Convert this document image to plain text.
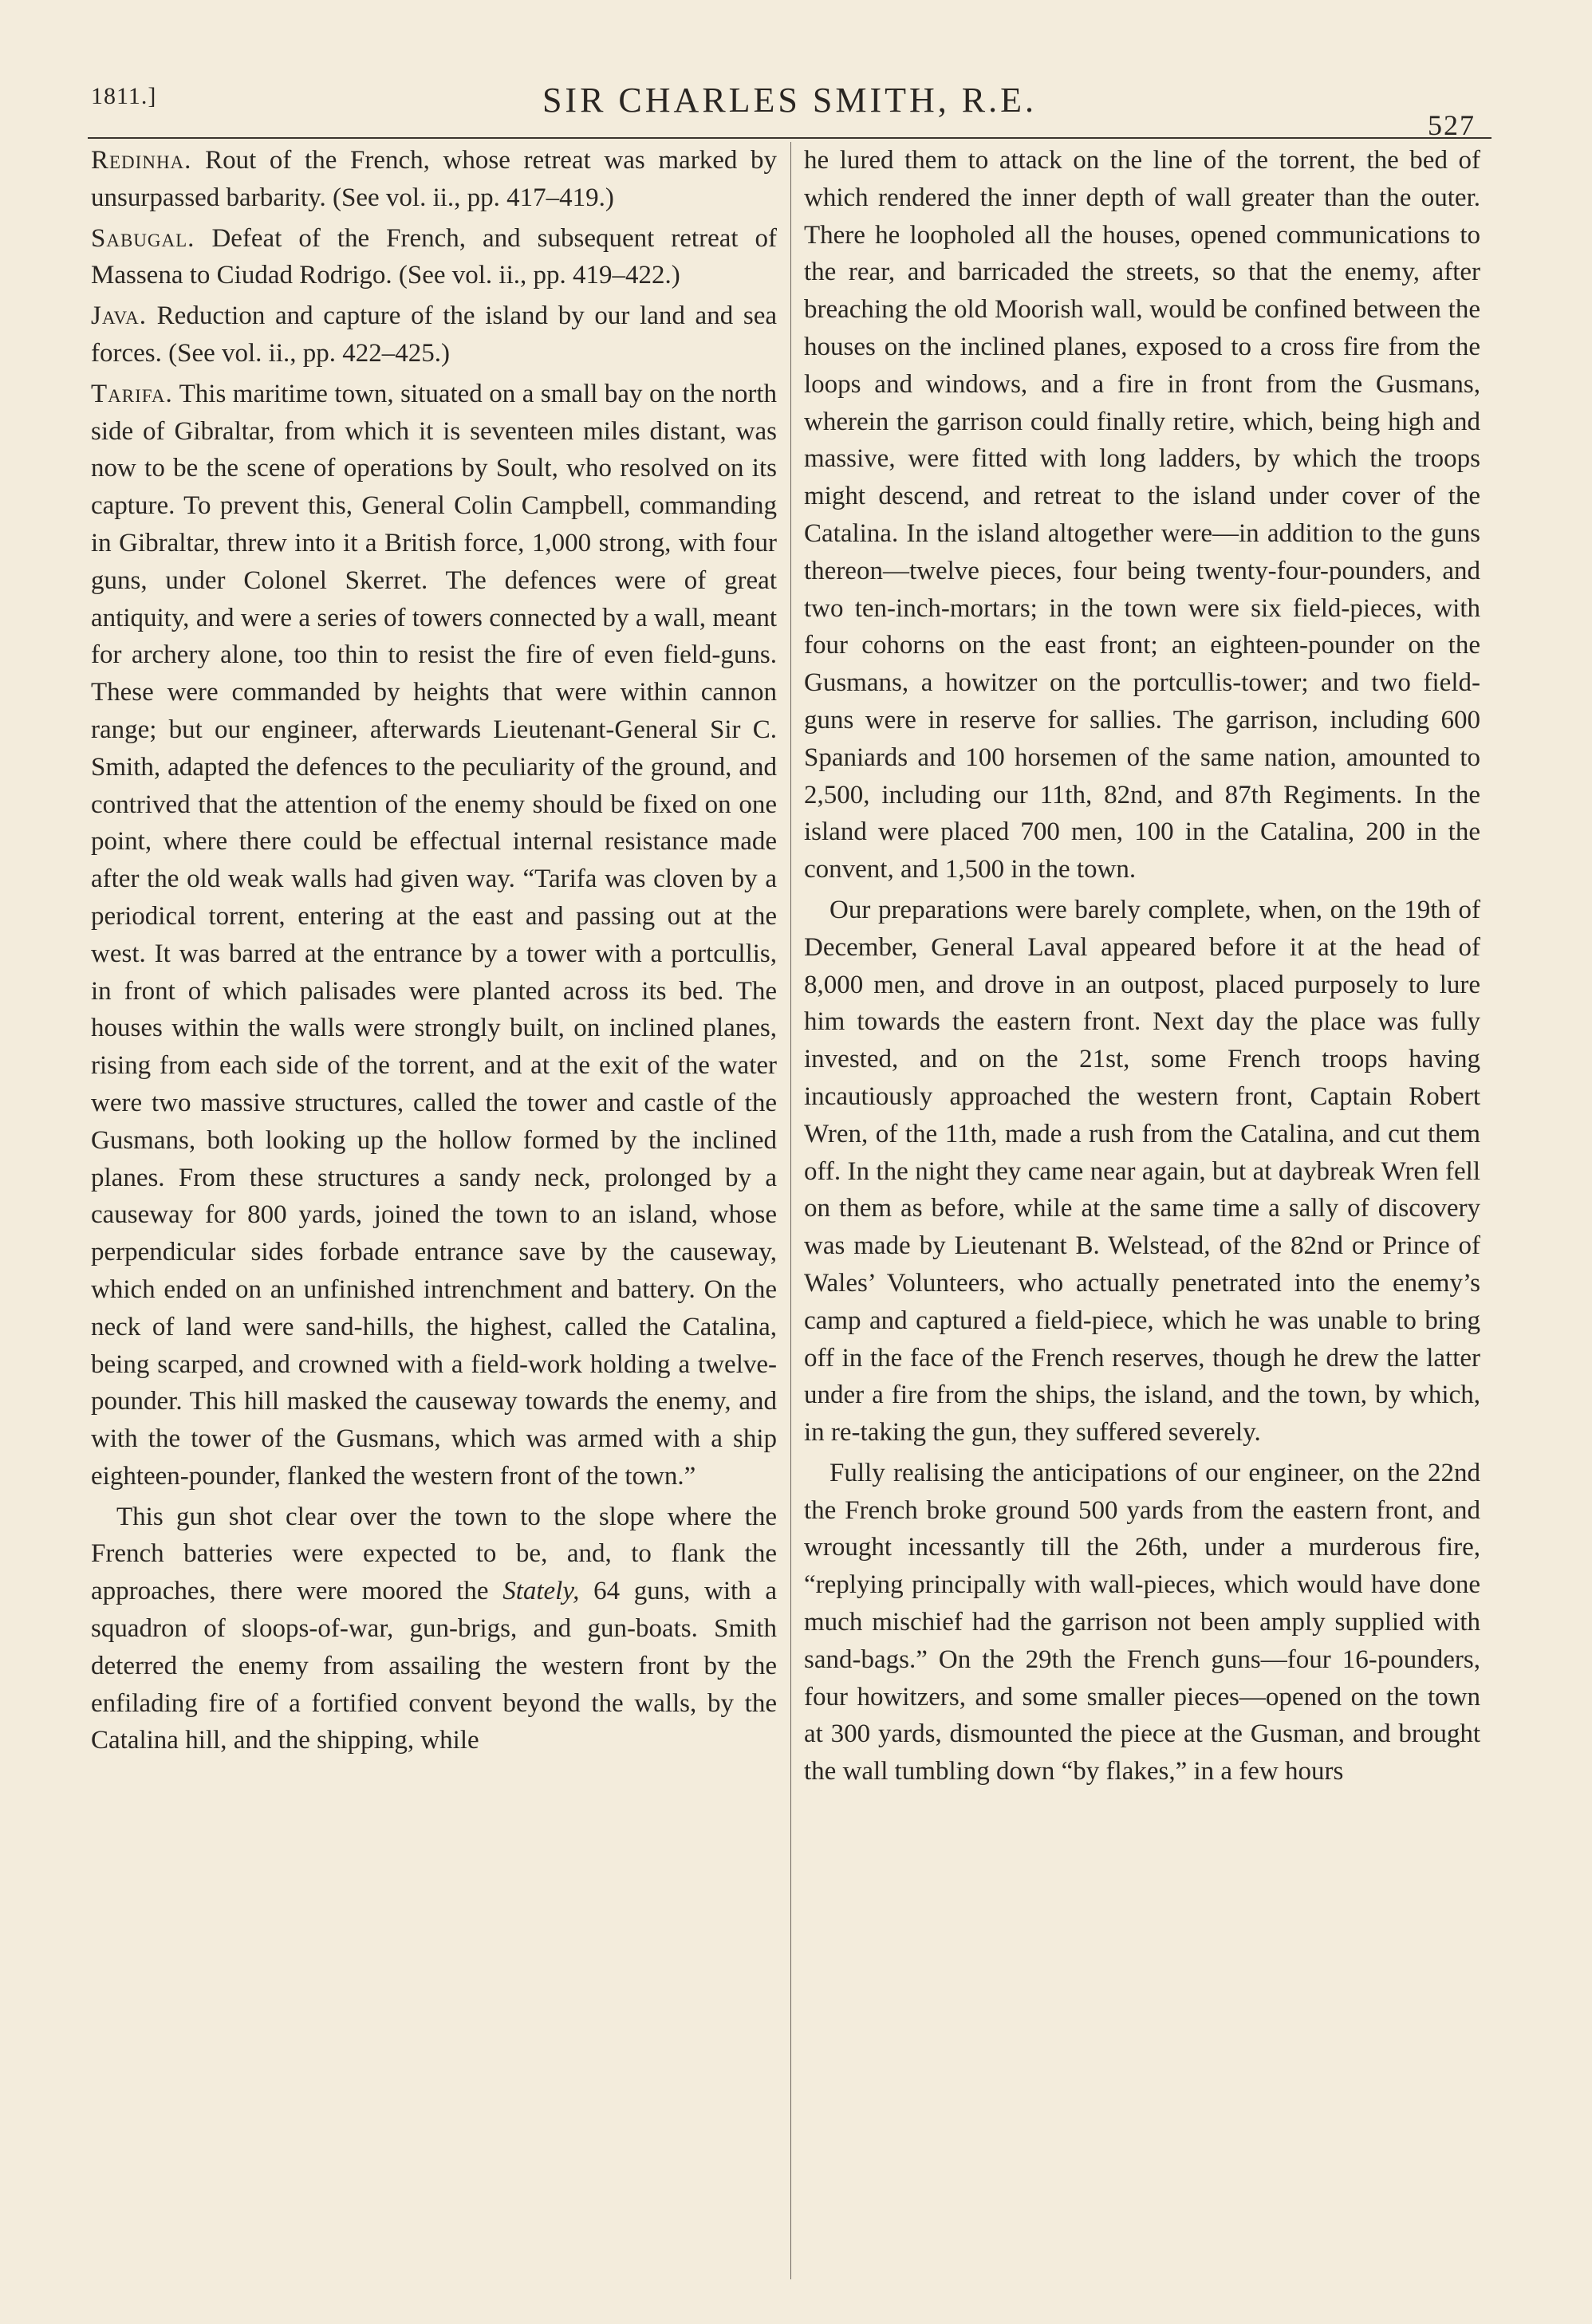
1811.]	SIR CHARLES SMITH, R.E.
527

Redinha. Rout of the French, whose retreat was marked by unsurpassed barbarity. (See vol. ii., pp. 417–419.)

Sabugal. Defeat of the French, and subsequent retreat of Massena to Ciudad Rodrigo. (See vol. ii., pp. 419–422.)

Java. Reduction and capture of the island by our land and sea forces. (See vol. ii., pp. 422–425.)

Tarifa. This maritime town, situated on a small bay on the north side of Gibraltar, from which it is seventeen miles distant, was now to be the scene of operations by Soult, who resolved on its capture. To prevent this, General Colin Campbell, commanding in Gibraltar, threw into it a British force, 1,000 strong, with four guns, under Colonel Skerret. The defences were of great antiquity, and were a series of towers connected by a wall, meant for archery alone, too thin to resist the fire of even field-guns. These were commanded by heights that were within cannon range; but our engineer, afterwards Lieutenant-General Sir C. Smith, adapted the defences to the peculiarity of the ground, and contrived that the attention of the enemy should be fixed on one point, where there could be effectual internal resistance made after the old weak walls had given way. “Tarifa was cloven by a periodical torrent, entering at the east and passing out at the west. It was barred at the entrance by a tower with a portcullis, in front of which palisades were planted across its bed. The houses within the walls were strongly built, on inclined planes, rising from each side of the torrent, and at the exit of the water were two massive structures, called the tower and castle of the Gusmans, both looking up the hollow formed by the inclined planes. From these structures a sandy neck, prolonged by a causeway for 800 yards, joined the town to an island, whose perpendicular sides forbade entrance save by the causeway, which ended on an unfinished intrenchment and battery. On the neck of land were sand-hills, the highest, called the Catalina, being scarped, and crowned with a field-work holding a twelve-pounder. This hill masked the causeway towards the enemy, and with the tower of the Gusmans, which was armed with a ship eighteen-pounder, flanked the western front of the town.”

This gun shot clear over the town to the slope where the French batteries were expected to be, and, to flank the approaches, there were moored the Stately, 64 guns, with a squadron of sloops-of-war, gun-brigs, and gun-boats. Smith deterred the enemy from assailing the western front by the enfilading fire of a fortified convent beyond the walls, by the Catalina hill, and the shipping, while

he lured them to attack on the line of the torrent, the bed of which rendered the inner depth of wall greater than the outer. There he loopholed all the houses, opened communications to the rear, and barricaded the streets, so that the enemy, after breaching the old Moorish wall, would be confined between the houses on the inclined planes, exposed to a cross fire from the loops and windows, and a fire in front from the Gusmans, wherein the garrison could finally retire, which, being high and massive, were fitted with long ladders, by which the troops might descend, and retreat to the island under cover of the Catalina. In the island altogether were—in addition to the guns thereon—twelve pieces, four being twenty-four-pounders, and two ten-inch-mortars; in the town were six field-pieces, with four cohorns on the east front; an eighteen-pounder on the Gusmans, a howitzer on the portcullis-tower; and two field-guns were in reserve for sallies. The garrison, including 600 Spaniards and 100 horsemen of the same nation, amounted to 2,500, including our 11th, 82nd, and 87th Regiments. In the island were placed 700 men, 100 in the Catalina, 200 in the convent, and 1,500 in the town.

Our preparations were barely complete, when, on the 19th of December, General Laval appeared before it at the head of 8,000 men, and drove in an outpost, placed purposely to lure him towards the eastern front. Next day the place was fully invested, and on the 21st, some French troops having incautiously approached the western front, Captain Robert Wren, of the 11th, made a rush from the Catalina, and cut them off. In the night they came near again, but at daybreak Wren fell on them as before, while at the same time a sally of discovery was made by Lieutenant B. Welstead, of the 82nd or Prince of Wales’ Volunteers, who actually penetrated into the enemy’s camp and captured a field-piece, which he was unable to bring off in the face of the French reserves, though he drew the latter under a fire from the ships, the island, and the town, by which, in re-taking the gun, they suffered severely.

Fully realising the anticipations of our engineer, on the 22nd the French broke ground 500 yards from the eastern front, and wrought incessantly till the 26th, under a murderous fire, “replying principally with wall-pieces, which would have done much mischief had the garrison not been amply supplied with sand-bags.” On the 29th the French guns—four 16-pounders, four howitzers, and some smaller pieces—opened on the town at 300 yards, dismounted the piece at the Gusman, and brought the wall tumbling down “by flakes,” in a few hours
